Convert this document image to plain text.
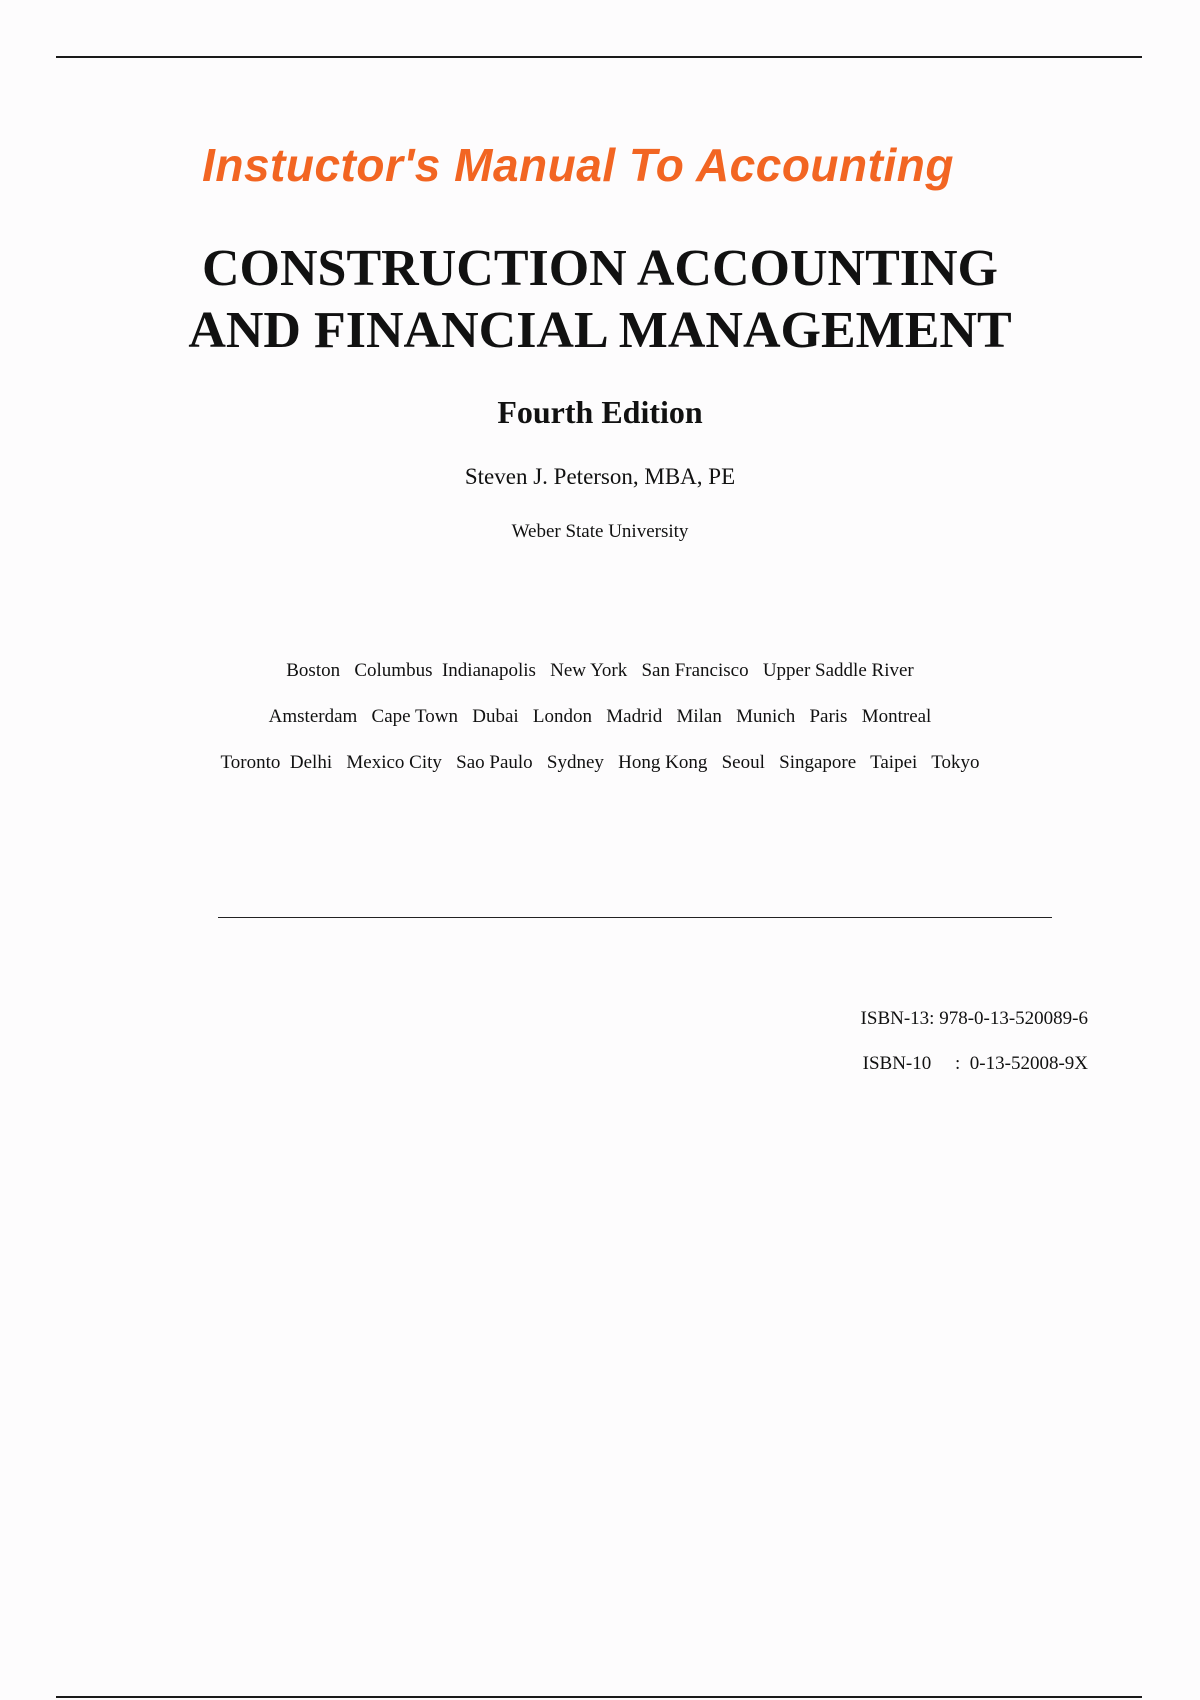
Instuctor's Manual To Accounting
CONSTRUCTION ACCOUNTING
AND FINANCIAL MANAGEMENT
Fourth Edition
Steven J. Peterson, MBA, PE
Weber State University
Boston   Columbus  Indianapolis   New York   San Francisco   Upper Saddle River
Amsterdam   Cape Town   Dubai   London   Madrid   Milan   Munich   Paris   Montreal
Toronto  Delhi   Mexico City   Sao Paulo   Sydney   Hong Kong   Seoul   Singapore   Taipei   Tokyo
ISBN-13: 978-0-13-520089-6
ISBN-10     :  0-13-52008-9X
